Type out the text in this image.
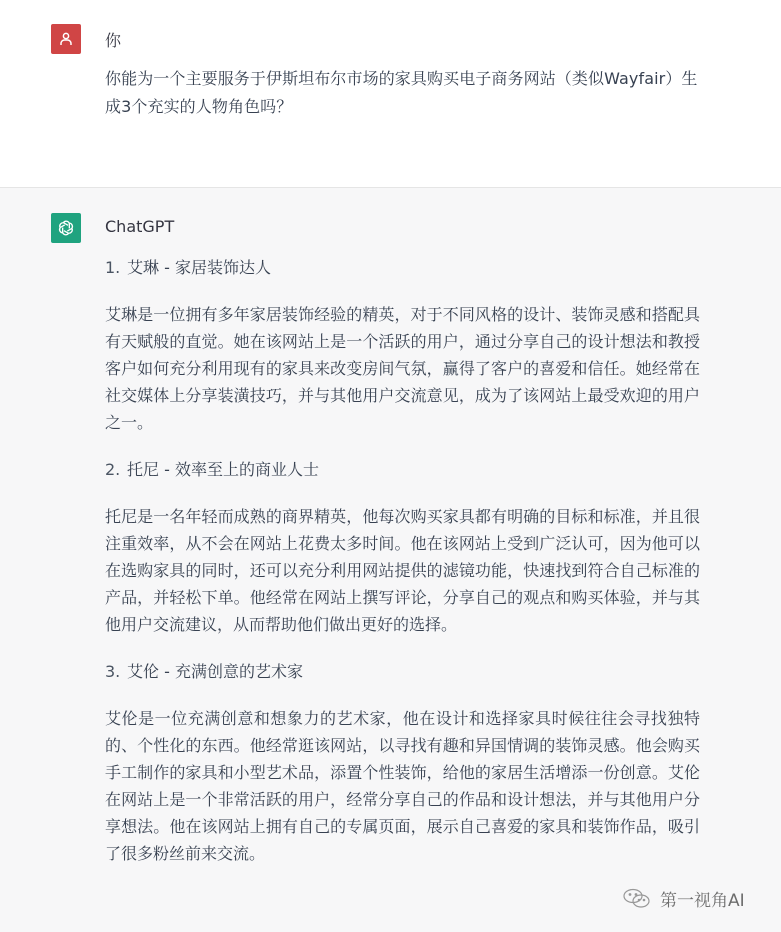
你
你能为一个主要服务于伊斯坦布尔市场的家具购买电子商务网站（类似Wayfair）生成3个充实的人物角色吗？
ChatGPT
1. 艾琳 - 家居装饰达人

艾琳是一位拥有多年家居装饰经验的精英，对于不同风格的设计、装饰灵感和搭配具有天赋般的直觉。她在该网站上是一个活跃的用户，通过分享自己的设计想法和教授客户如何充分利用现有的家具来改变房间气氛，赢得了客户的喜爱和信任。她经常在社交媒体上分享装潢技巧，并与其他用户交流意见，成为了该网站上最受欢迎的用户之一。

2. 托尼 - 效率至上的商业人士

托尼是一名年轻而成熟的商界精英，他每次购买家具都有明确的目标和标准，并且很注重效率，从不会在网站上花费太多时间。他在该网站上受到广泛认可，因为他可以在选购家具的同时，还可以充分利用网站提供的滤镜功能，快速找到符合自己标准的产品，并轻松下单。他经常在网站上撰写评论，分享自己的观点和购买体验，并与其他用户交流建议，从而帮助他们做出更好的选择。

3. 艾伦 - 充满创意的艺术家

艾伦是一位充满创意和想象力的艺术家，他在设计和选择家具时候往往会寻找独特的、个性化的东西。他经常逛该网站，以寻找有趣和异国情调的装饰灵感。他会购买手工制作的家具和小型艺术品，添置个性装饰，给他的家居生活增添一份创意。艾伦在网站上是一个非常活跃的用户，经常分享自己的作品和设计想法，并与其他用户分享想法。他在该网站上拥有自己的专属页面，展示自己喜爱的家具和装饰作品，吸引了很多粉丝前来交流。

第一视角AI
